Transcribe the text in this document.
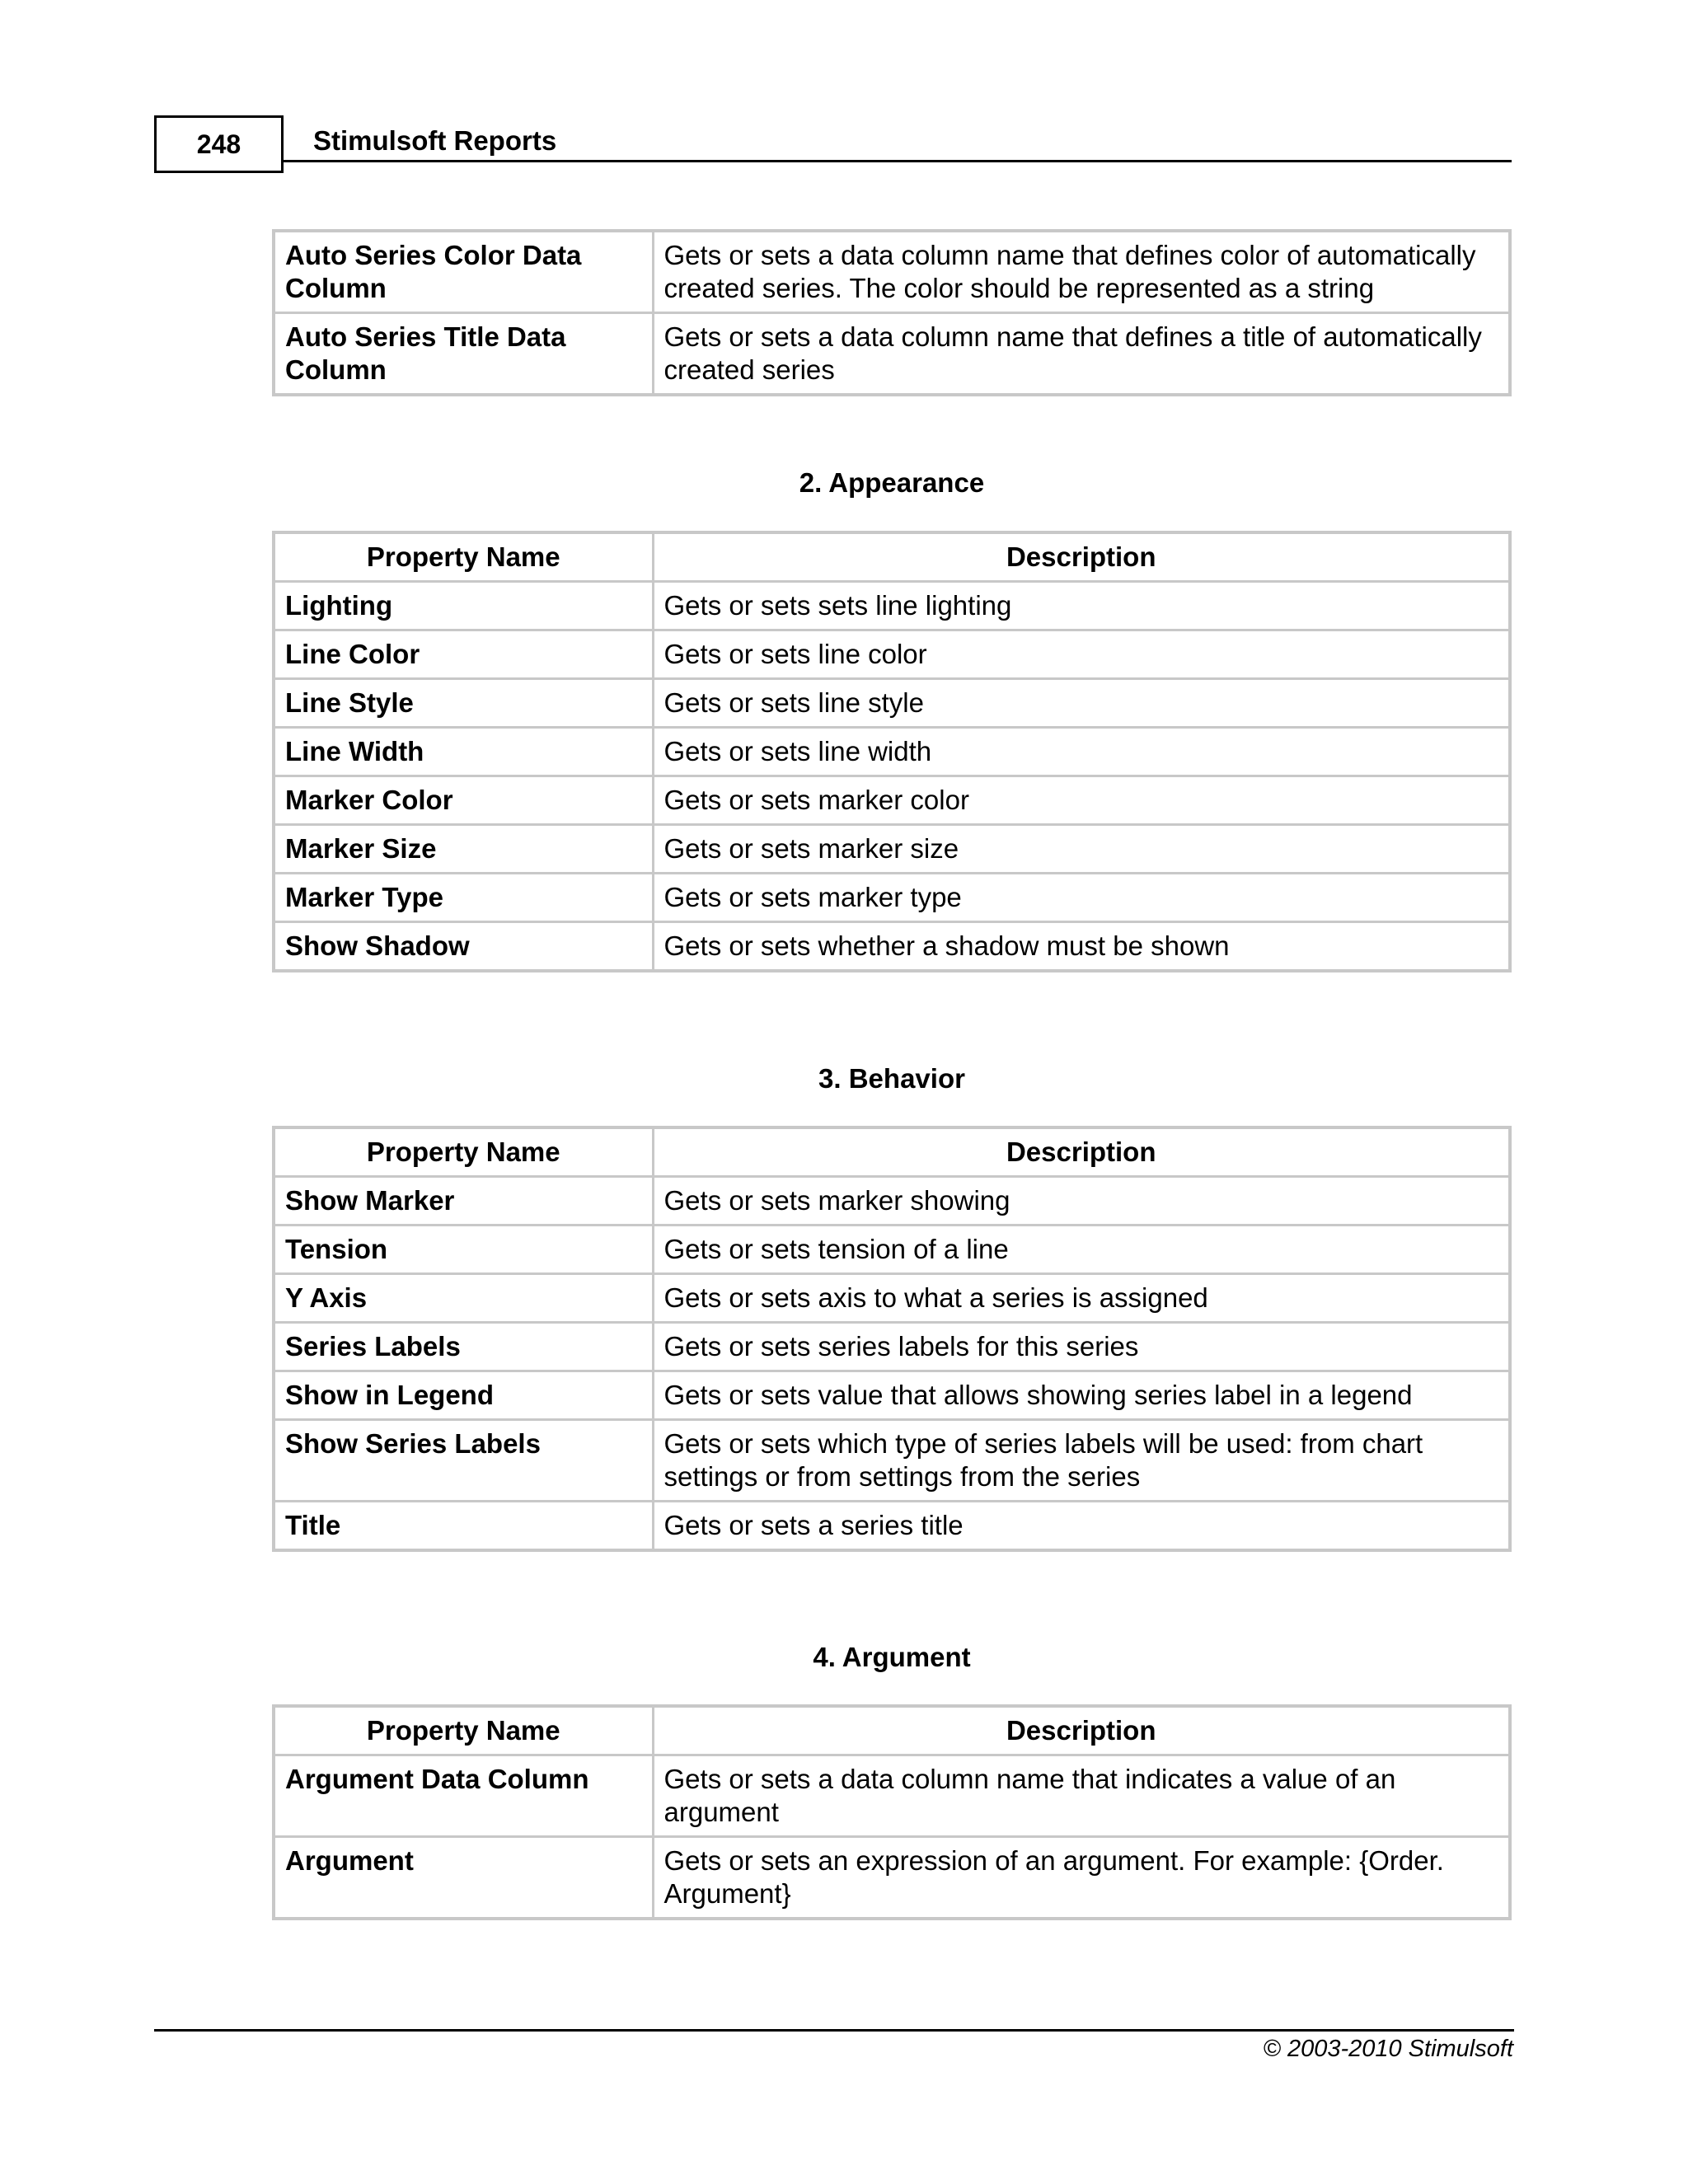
248	Stimulsoft Reports
Auto Series Color Data Column	Gets or sets a data column name that defines color of automatically created series. The color should be represented as a string
Auto Series Title Data Column	Gets or sets a data column name that defines a title of automatically created series
2. Appearance
Property Name	Description
Lighting	Gets or sets sets line lighting
Line Color	Gets or sets line color
Line Style	Gets or sets line style
Line Width	Gets or sets line width
Marker Color	Gets or sets marker color
Marker Size	Gets or sets marker size
Marker Type	Gets or sets marker type
Show Shadow	Gets or sets whether a shadow must be shown
3. Behavior
Property Name	Description
Show Marker	Gets or sets marker showing
Tension	Gets or sets tension of a line
Y Axis	Gets or sets axis to what a series is assigned
Series Labels	Gets or sets series labels for this series
Show in Legend	Gets or sets value that allows showing series label in a legend
Show Series Labels	Gets or sets which type of series labels will be used: from chart settings or from settings from the series
Title	Gets or sets a series title
4. Argument
Property Name	Description
Argument Data Column	Gets or sets a data column name that indicates a value of an argument
Argument	Gets or sets an expression of an argument. For example: {Order. Argument}
© 2003-2010 Stimulsoft
